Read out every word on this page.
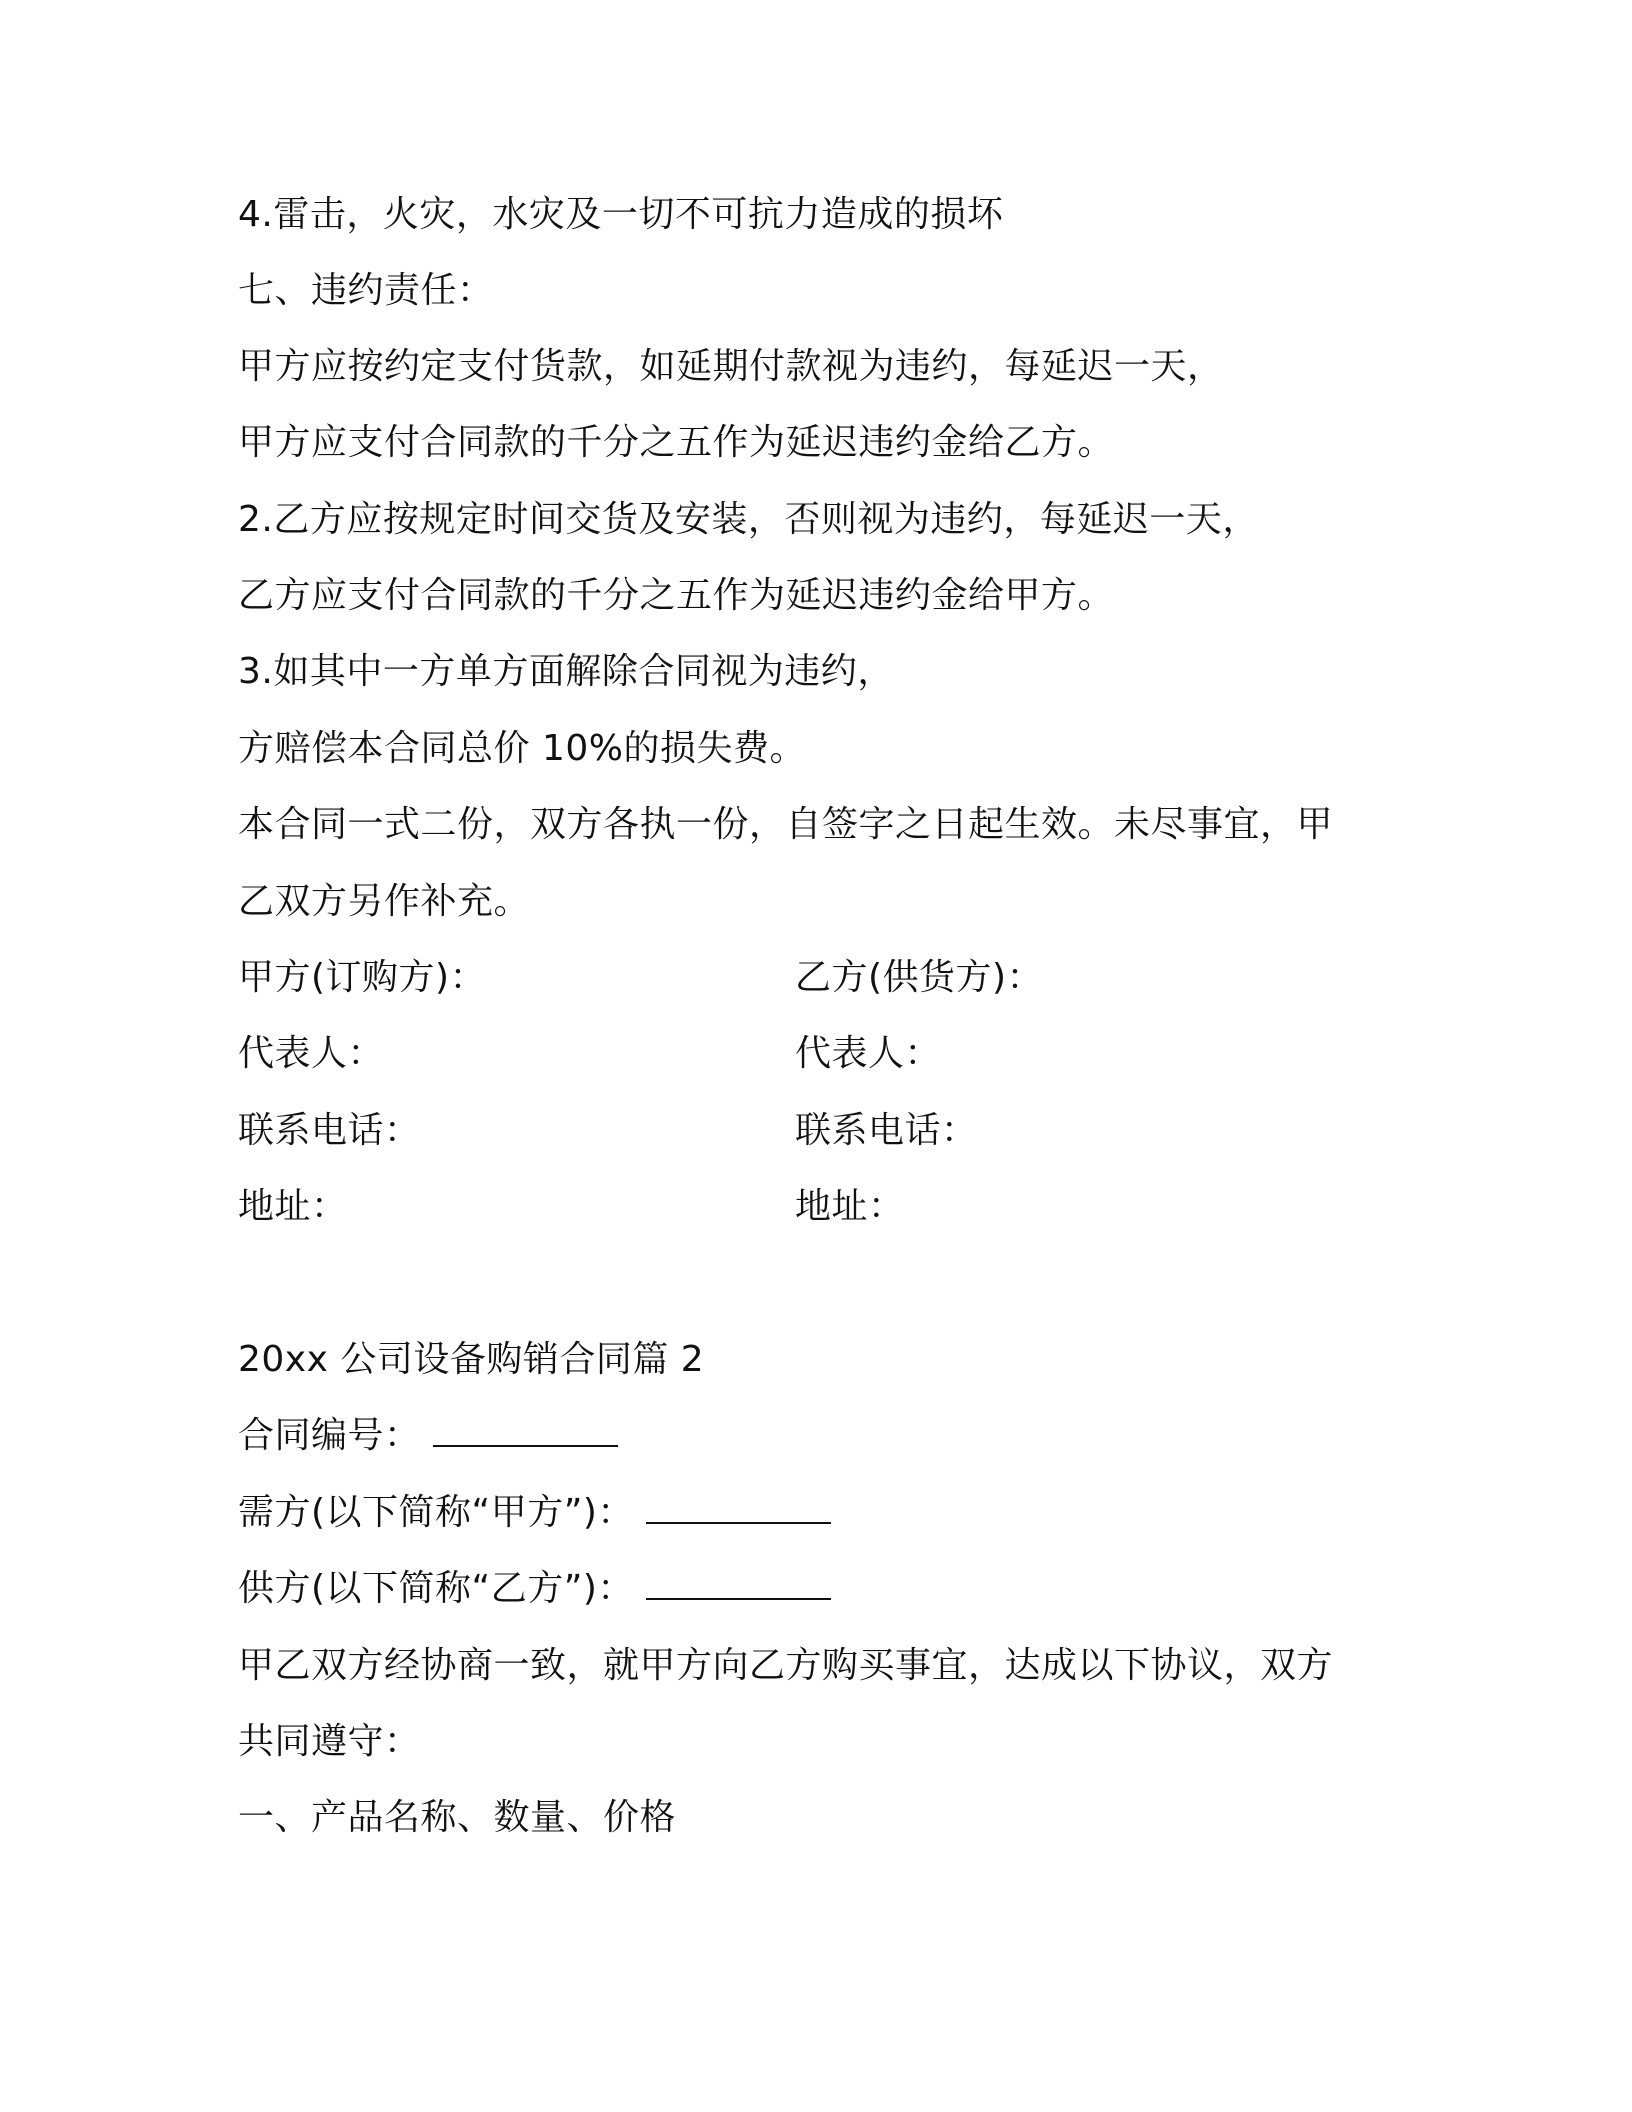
4.雷击，火灾，水灾及一切不可抗力造成的损坏
七、违约责任：
甲方应按约定支付货款，如延期付款视为违约，每延迟一天，
甲方应支付合同款的千分之五作为延迟违约金给乙方。
2.乙方应按规定时间交货及安装，否则视为违约，每延迟一天，
乙方应支付合同款的千分之五作为延迟违约金给甲方。
3.如其中一方单方面解除合同视为违约，
方赔偿本合同总价 10%的损失费。
本合同一式二份，双方各执一份，自签字之日起生效。未尽事宜，甲
乙双方另作补充。
甲方(订购方)：	乙方(供货方)：
代表人：	代表人：
联系电话：	联系电话：
地址：	地址：
20xx 公司设备购销合同篇 2
合同编号：
需方(以下简称“甲方”)：
供方(以下简称“乙方”)：
甲乙双方经协商一致，就甲方向乙方购买事宜，达成以下协议，双方
共同遵守：
一、产品名称、数量、价格
